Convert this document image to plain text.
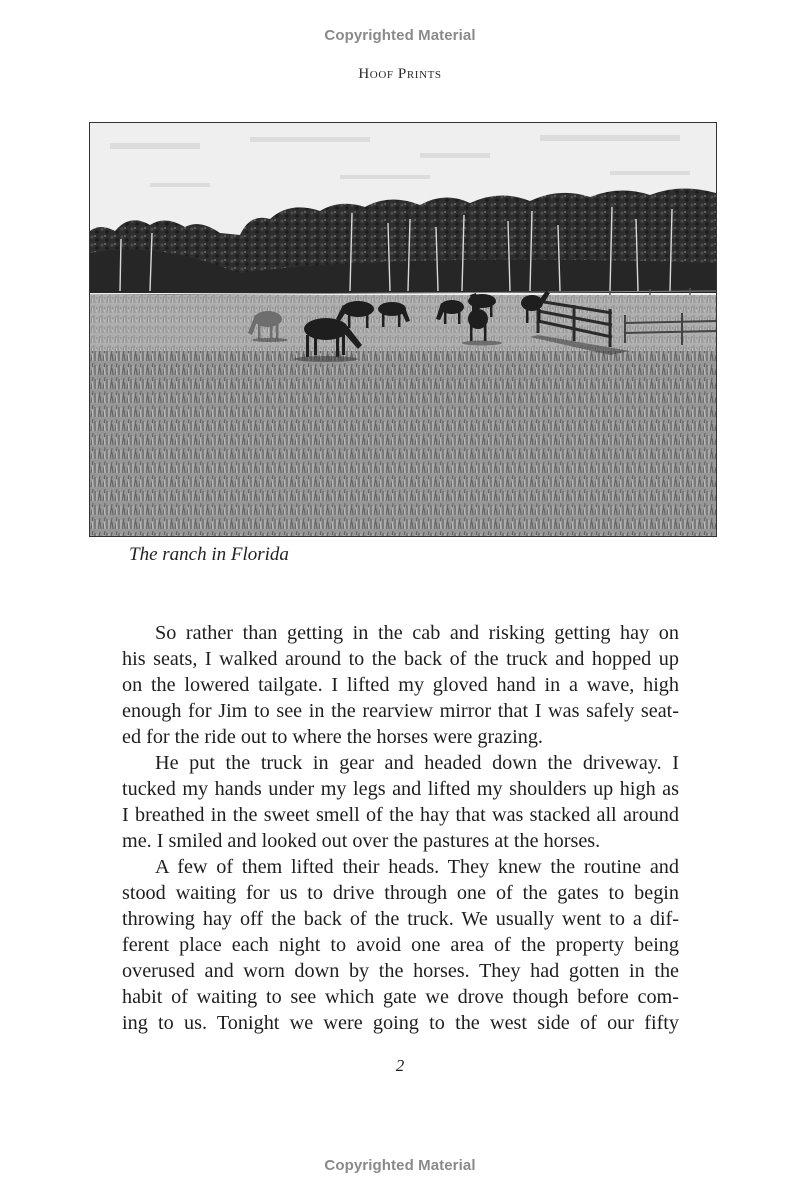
Copyrighted Material
Hoof Prints
The ranch in Florida
So rather than getting in the cab and risking getting hay on
his seats, I walked around to the back of the truck and hopped up
on the lowered tailgate. I lifted my gloved hand in a wave, high
enough for Jim to see in the rearview mirror that I was safely seat-
ed for the ride out to where the horses were grazing.
He put the truck in gear and headed down the driveway. I
tucked my hands under my legs and lifted my shoulders up high as
I breathed in the sweet smell of the hay that was stacked all around
me. I smiled and looked out over the pastures at the horses.
A few of them lifted their heads. They knew the routine and
stood waiting for us to drive through one of the gates to begin
throwing hay off the back of the truck. We usually went to a dif-
ferent place each night to avoid one area of the property being
overused and worn down by the horses. They had gotten in the
habit of waiting to see which gate we drove though before com-
ing to us. Tonight we were going to the west side of our fifty
2
Copyrighted Material
